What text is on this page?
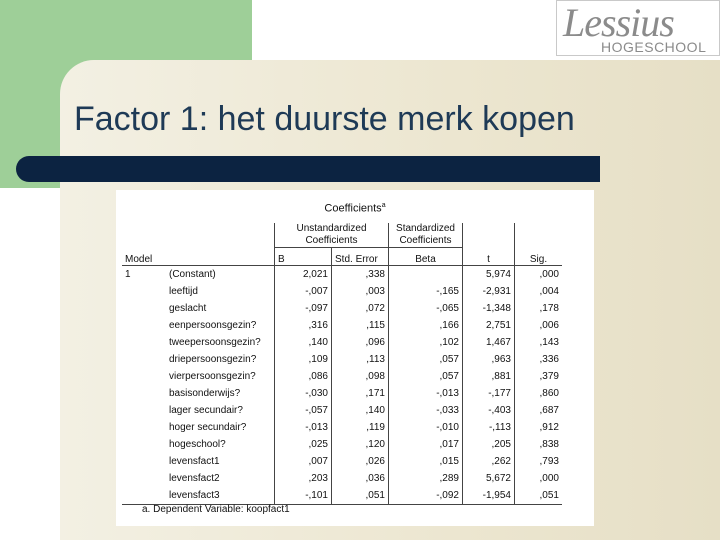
Lessius
HOGESCHOOL
Factor 1: het duurste merk kopen
Coefficients$^a$
		Unstandardized Coefficients		Standardized Coefficients		
Model		B	Std. Error	Beta	t	Sig.
1	(Constant)	2,021	,338		5,974	,000
	leeftijd	-,007	,003	-,165	-2,931	,004
	geslacht	-,097	,072	-,065	-1,348	,178
	eenpersoonsgezin?	,316	,115	,166	2,751	,006
	tweepersoonsgezin?	,140	,096	,102	1,467	,143
	driepersoonsgezin?	,109	,113	,057	,963	,336
	vierpersoonsgezin?	,086	,098	,057	,881	,379
	basisonderwijs?	-,030	,171	-,013	-,177	,860
	lager secundair?	-,057	,140	-,033	-,403	,687
	hoger secundair?	-,013	,119	-,010	-,113	,912
	hogeschool?	,025	,120	,017	,205	,838
	levensfact1	,007	,026	,015	,262	,793
	levensfact2	,203	,036	,289	5,672	,000
	levensfact3	-,101	,051	-,092	-1,954	,051
a. Dependent Variable: koopfact1
